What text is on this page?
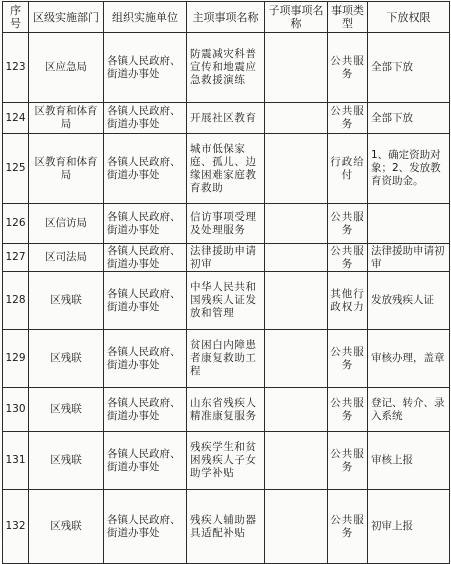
序号	区级实施部门	组织实施单位	主项事项名称	子项事项名称	事项类型	下放权限
123	区应急局	各镇人民政府、
街道办事处	防震减灾科普宣传和地震应急救援演练		公共服务	全部下放
124	区教育和体育局	各镇人民政府、
街道办事处	开展社区教育		公共服务	全部下放
125	区教育和体育局	各镇人民政府、
街道办事处	城市低保家庭、孤儿、边缘困难家庭教育救助		行政给付	1、确定资助对象；2、发放教育资助金。
126	区信访局	各镇人民政府、
街道办事处	信访事项受理及处理服务		公共服务	
127	区司法局	各镇人民政府、
街道办事处	法律援助申请初审		公共服务	法律援助申请初审
128	区残联	各镇人民政府、
街道办事处	中华人民共和国残疾人证发放和管理		其他行政权力	发放残疾人证
129	区残联	各镇人民政府、
街道办事处	贫困白内障患者康复救助工程		公共服务	审核办理，盖章
130	区残联	各镇人民政府、
街道办事处	山东省残疾人精准康复服务		公共服务	登记、转介、录入系统
131	区残联	各镇人民政府、
街道办事处	残疾学生和贫困残疾人子女助学补贴		公共服务	审核上报
132	区残联	各镇人民政府、
街道办事处	残疾人辅助器具适配补贴		公共服务	初审上报
